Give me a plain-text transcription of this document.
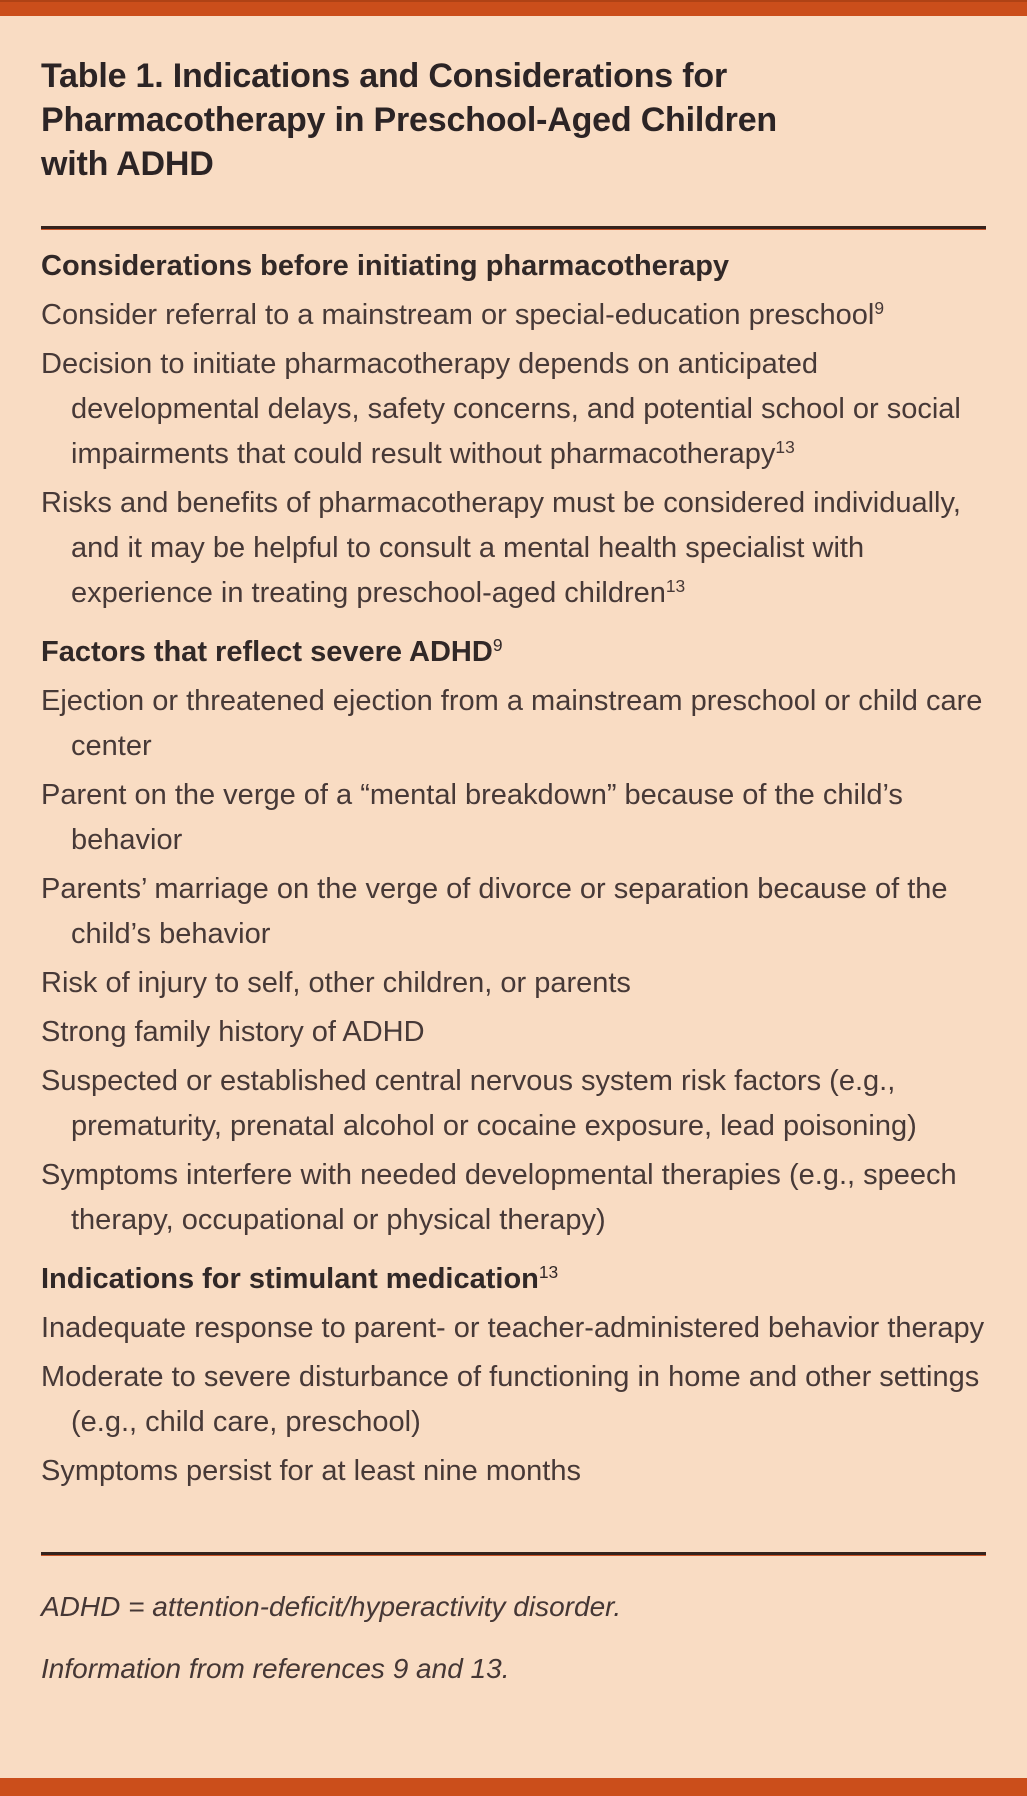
Table 1. Indications and Considerations for
Pharmacotherapy in Preschool-Aged Children
with ADHD
Considerations before initiating pharmacotherapy
Consider referral to a mainstream or special-education preschool$^9$
Decision to initiate pharmacotherapy depends on anticipated developmental delays, safety concerns, and potential school or social impairments that could result without pharmacotherapy$^{13}$
Risks and benefits of pharmacotherapy must be considered individually, and it may be helpful to consult a mental health specialist with experience in treating preschool-aged children$^{13}$
Factors that reflect severe ADHD$^9$
Ejection or threatened ejection from a mainstream preschool or child care center
Parent on the verge of a “mental breakdown” because of the child’s behavior
Parents’ marriage on the verge of divorce or separation because of the child’s behavior
Risk of injury to self, other children, or parents
Strong family history of ADHD
Suspected or established central nervous system risk factors (e.g., prematurity, prenatal alcohol or cocaine exposure, lead poisoning)
Symptoms interfere with needed developmental therapies (e.g., speech therapy, occupational or physical therapy)
Indications for stimulant medication$^{13}$
Inadequate response to parent- or teacher-administered behavior therapy
Moderate to severe disturbance of functioning in home and other settings (e.g., child care, preschool)
Symptoms persist for at least nine months
ADHD = attention-deficit/hyperactivity disorder.
Information from references 9 and 13.
